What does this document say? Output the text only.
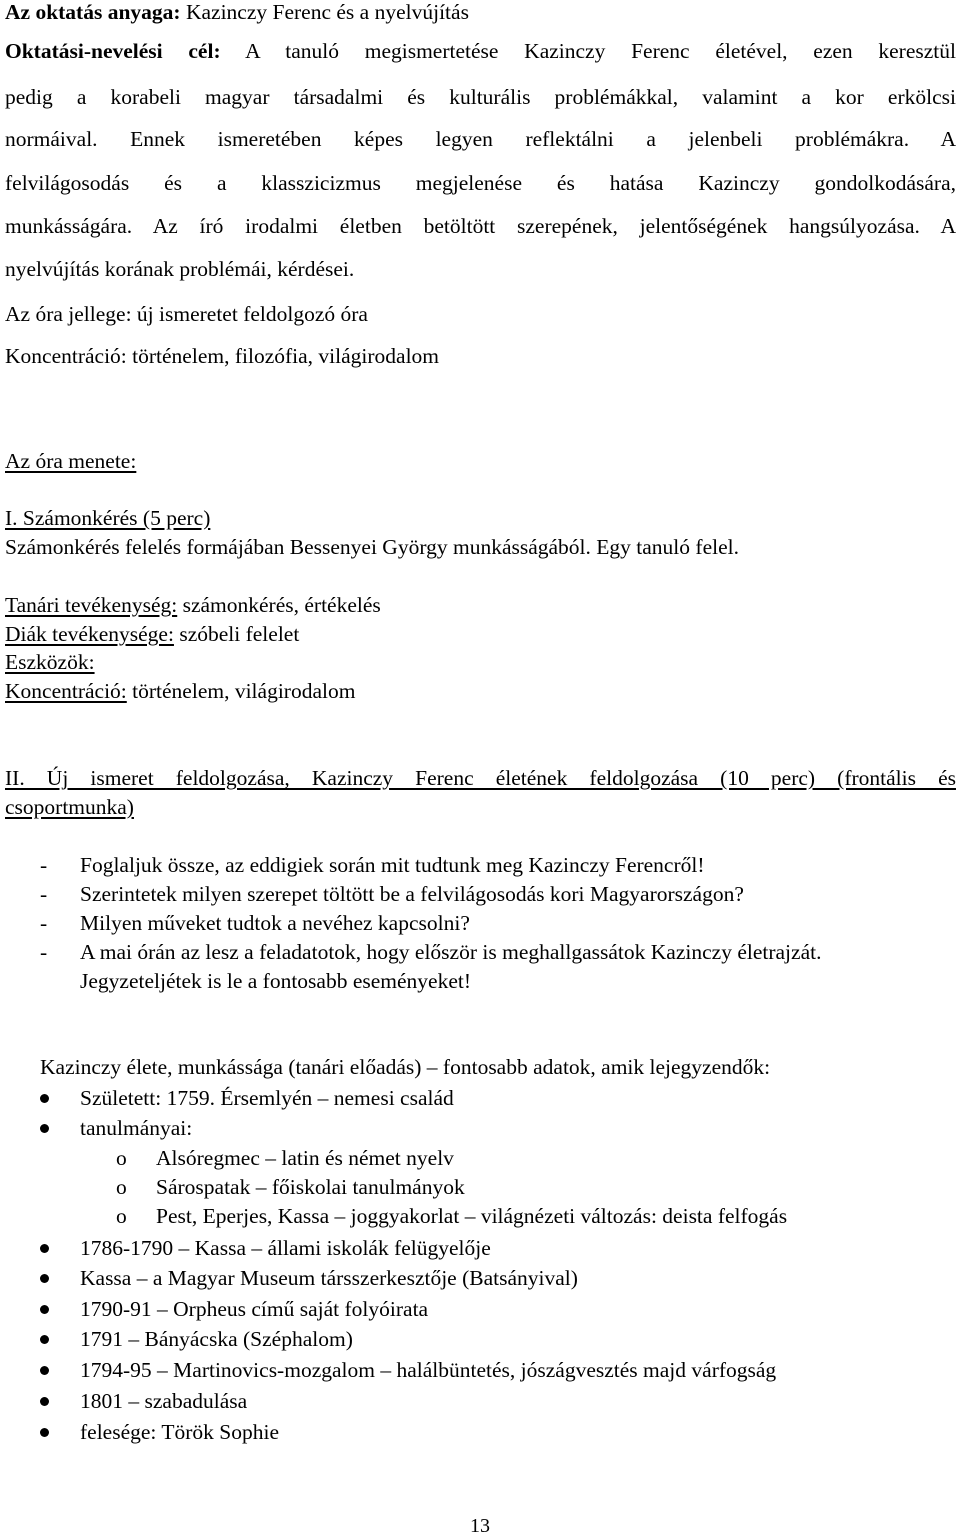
Az oktatás anyaga: Kazinczy Ferenc és a nyelvújítás
Oktatási-nevelési cél: A tanuló megismertetése Kazinczy Ferenc életével, ezen keresztül
pedig a korabeli magyar társadalmi és kulturális problémákkal, valamint a kor erkölcsi
normáival. Ennek ismeretében képes legyen reflektálni a jelenbeli problémákra. A
felvilágosodás és a klasszicizmus megjelenése és hatása Kazinczy gondolkodására,
munkásságára. Az író irodalmi életben betöltött szerepének, jelentőségének hangsúlyozása. A
nyelvújítás korának problémái, kérdései.
Az óra jellege: új ismeretet feldolgozó óra
Koncentráció: történelem, filozófia, világirodalom
Az óra menete:
I. Számonkérés (5 perc)
Számonkérés felelés formájában Bessenyei György munkásságából. Egy tanuló felel.
Tanári tevékenység: számonkérés, értékelés
Diák tevékenysége: szóbeli felelet
Eszközök:
Koncentráció: történelem, világirodalom
II. Új ismeret feldolgozása, Kazinczy Ferenc életének feldolgozása (10 perc) (frontális és
csoportmunka)
- Foglaljuk össze, az eddigiek során mit tudtunk meg Kazinczy Ferencről!
- Szerintetek milyen szerepet töltött be a felvilágosodás kori Magyarországon?
- Milyen műveket tudtok a nevéhez kapcsolni?
- A mai órán az lesz a feladatotok, hogy először is meghallgassátok Kazinczy életrajzát.
Jegyzeteljétek is le a fontosabb eseményeket!
Kazinczy élete, munkássága (tanári előadás) – fontosabb adatok, amik lejegyzendők:
Született: 1759. Érsemlyén – nemesi család
tanulmányai:
o Alsóregmec – latin és német nyelv
o Sárospatak – főiskolai tanulmányok
o Pest, Eperjes, Kassa – joggyakorlat – világnézeti változás: deista felfogás
1786-1790 – Kassa – állami iskolák felügyelője
Kassa – a Magyar Museum társszerkesztője (Batsányival)
1790-91 – Orpheus című saját folyóirata
1791 – Bányácska (Széphalom)
1794-95 – Martinovics-mozgalom – halálbüntetés, jószágvesztés majd várfogság
1801 – szabadulása
felesége: Török Sophie
13
